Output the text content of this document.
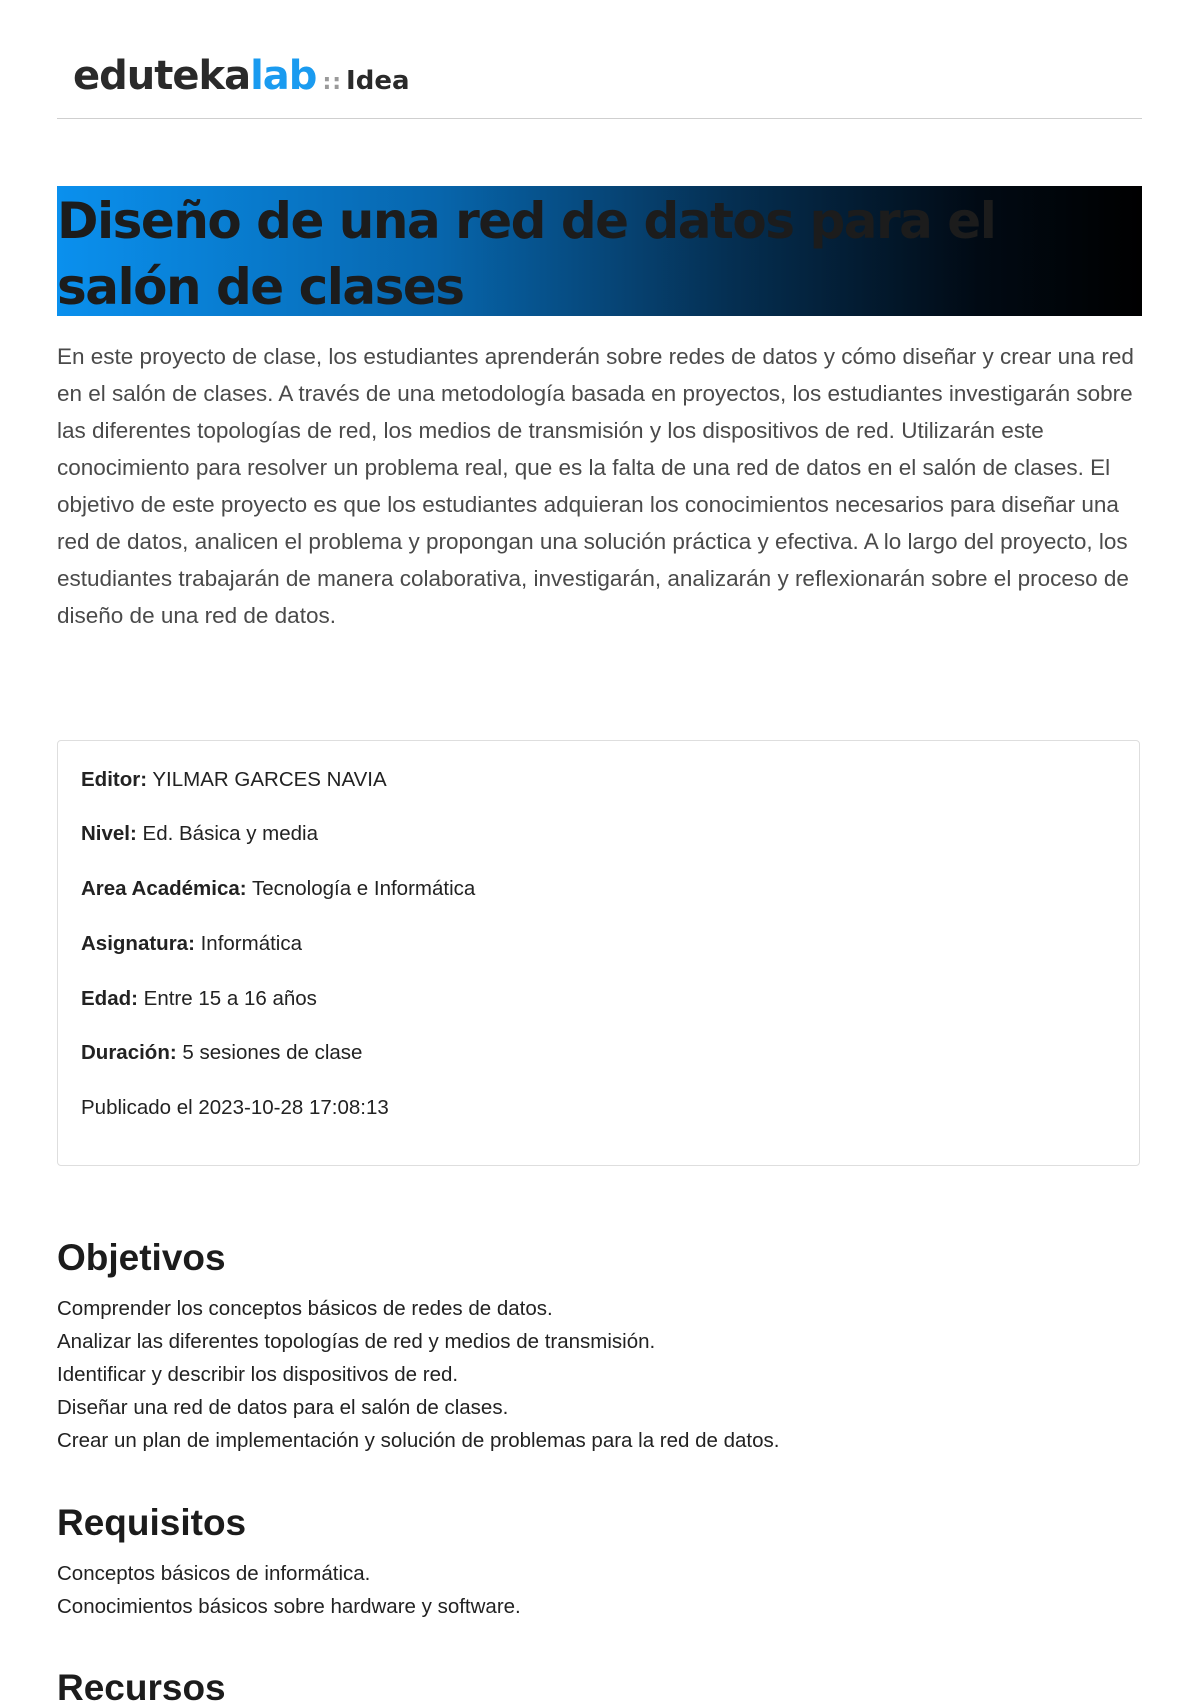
edutekalab :: Idea
Diseño de una red de datos para el salón de clases

En este proyecto de clase, los estudiantes aprenderán sobre redes de datos y cómo diseñar y crear una red en el salón de clases. A través de una metodología basada en proyectos, los estudiantes investigarán sobre las diferentes topologías de red, los medios de transmisión y los dispositivos de red. Utilizarán este conocimiento para resolver un problema real, que es la falta de una red de datos en el salón de clases. El objetivo de este proyecto es que los estudiantes adquieran los conocimientos necesarios para diseñar una red de datos, analicen el problema y propongan una solución práctica y efectiva. A lo largo del proyecto, los estudiantes trabajarán de manera colaborativa, investigarán, analizarán y reflexionarán sobre el proceso de diseño de una red de datos.

Editor: YILMAR GARCES NAVIA
Nivel: Ed. Básica y media
Area Académica: Tecnología e Informática
Asignatura: Informática
Edad: Entre 15 a 16 años
Duración: 5 sesiones de clase
Publicado el 2023-10-28 17:08:13
Objetivos
Comprender los conceptos básicos de redes de datos.
Analizar las diferentes topologías de red y medios de transmisión.
Identificar y describir los dispositivos de red.
Diseñar una red de datos para el salón de clases.
Crear un plan de implementación y solución de problemas para la red de datos.
Requisitos
Conceptos básicos de informática.
Conocimientos básicos sobre hardware y software.
Recursos
